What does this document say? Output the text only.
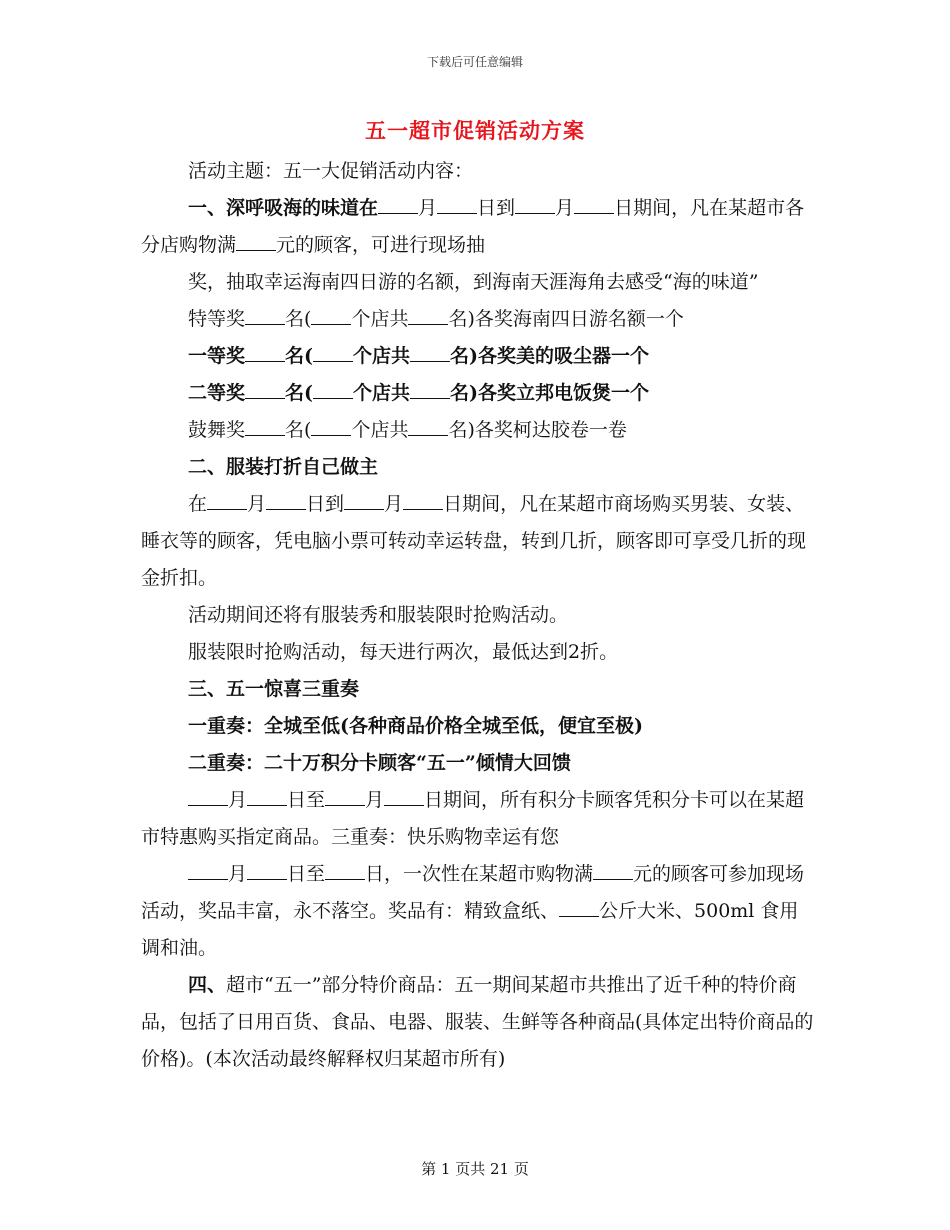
下载后可任意编辑
五一超市促销活动方案

活动主题：五一大促销活动内容：

一、深呼吸海的味道在 月 日到 月 日期间，凡在某超市各分店购物满 元的顾客，可进行现场抽

奖，抽取幸运海南四日游的名额，到海南天涯海角去感受“海的味道”

特等奖 名( 个店共 名)各奖海南四日游名额一个

一等奖 名( 个店共 名)各奖美的吸尘器一个

二等奖 名( 个店共 名)各奖立邦电饭煲一个

鼓舞奖 名( 个店共 名)各奖柯达胶卷一卷

二、服装打折自己做主

在 月 日到 月 日期间，凡在某超市商场购买男装、女装、睡衣等的顾客，凭电脑小票可转动幸运转盘，转到几折，顾客即可享受几折的现金折扣。

活动期间还将有服装秀和服装限时抢购活动。

服装限时抢购活动，每天进行两次，最低达到2折。

三、五一惊喜三重奏

一重奏：全城至低(各种商品价格全城至低，便宜至极)

二重奏：二十万积分卡顾客“五一”倾情大回馈

月 日至 月 日期间，所有积分卡顾客凭积分卡可以在某超市特惠购买指定商品。三重奏：快乐购物幸运有您

月 日至 日，一次性在某超市购物满 元的顾客可参加现场活动，奖品丰富，永不落空。奖品有：精致盒纸、 公斤大米、500ml 食用调和油。

四、超市“五一”部分特价商品：五一期间某超市共推出了近千种的特价商品，包括了日用百货、食品、电器、服装、生鲜等各种商品(具体定出特价商品的价格)。(本次活动最终解释权归某超市所有)

第 1 页共 21 页
